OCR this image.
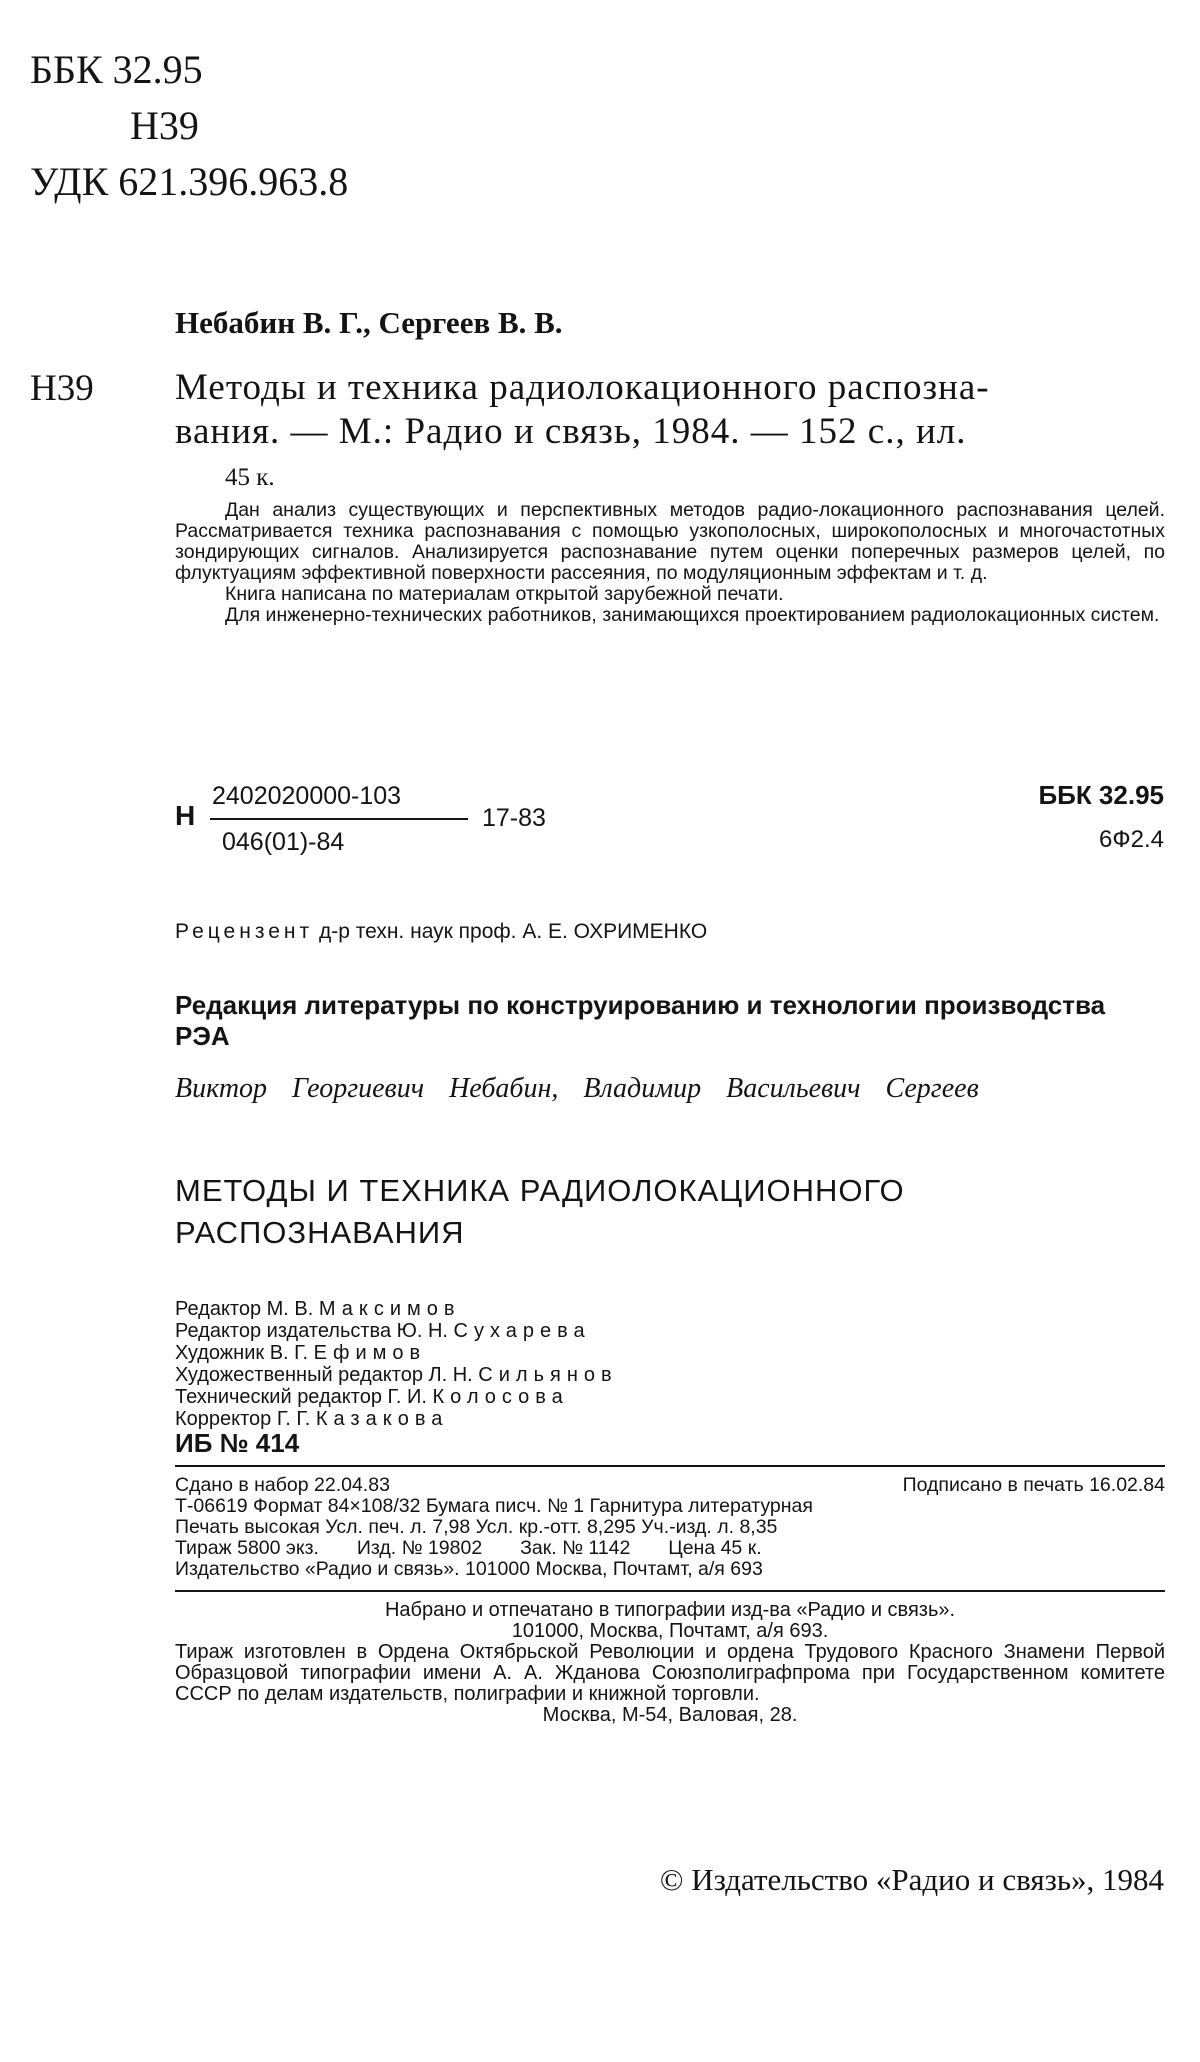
ББК 32.95
Н39
УДК 621.396.963.8
Небабин В. Г., Сергеев В. В.
Н39 Методы и техника радиолокационного распозна-
вания. — М.: Радио и связь, 1984. — 152 с., ил.
45 к.

Дан анализ существующих и перспективных методов радио-локационного распознавания целей. Рассматривается техника распознавания с помощью узкополосных, широкополосных и многочастотных зондирующих сигналов. Анализируется распознавание путем оценки поперечных размеров целей, по флуктуациям эффективной поверхности рассеяния, по модуляционным эффектам и т. д.

Книга написана по материалам открытой зарубежной печати.

Для инженерно-технических работников, занимающихся проектированием радиолокационных систем.

Н
2402020000-103
046(01)-84
17-83
ББК 32.95
6Ф2.4
Рецензент д-р техн. наук проф. А. Е. ОХРИМЕНКО
Редакция литературы по конструированию и технологии производства РЭА
Виктор Георгиевич Небабин, Владимир Васильевич Сергеев
МЕТОДЫ И ТЕХНИКА РАДИОЛОКАЦИОННОГО РАСПОЗНАВАНИЯ
Редактор М. В. Максимов
Редактор издательства Ю. Н. Сухарева
Художник В. Г. Ефимов
Художественный редактор Л. Н. Сильянов
Технический редактор Г. И. Колосова
Корректор Г. Г. Казакова
ИБ № 414
Сдано в набор 22.04.83	Подписано в печать 16.02.84
Т-06619 Формат 84×108/32 Бумага писч. № 1 Гарнитура литературная
Печать высокая Усл. печ. л. 7,98 Усл. кр.-отт. 8,295 Уч.-изд. л. 8,35
Тираж 5800 экз.       Изд. № 19802       Зак. № 1142       Цена 45 к.
Издательство «Радио и связь». 101000 Москва, Почтамт, а/я 693
Набрано и отпечатано в типографии изд-ва «Радио и связь».
101000, Москва, Почтамт, а/я 693.
Тираж изготовлен в Ордена Октябрьской Революции и ордена Трудового Красного Знамени Первой Образцовой типографии имени А. А. Жданова Союзполиграфпрома при Государственном комитете СССР по делам издательств, полиграфии и книжной торговли.
Москва, М-54, Валовая, 28.
© Издательство «Радио и связь», 1984
